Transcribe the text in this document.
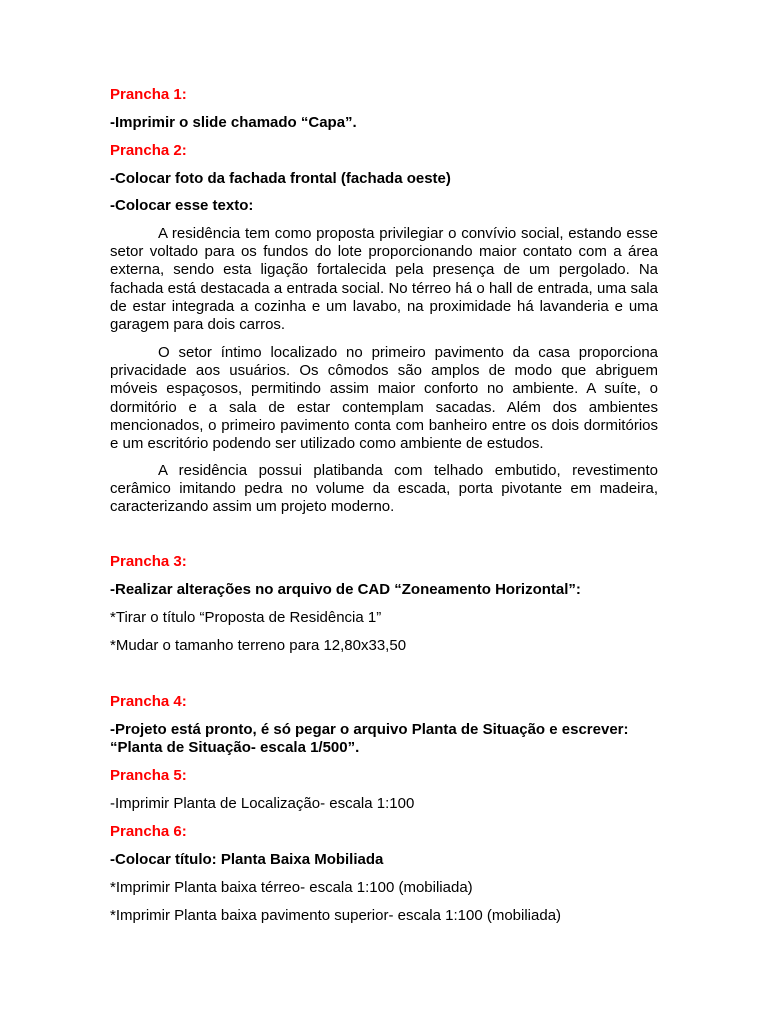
Prancha 1:
-Imprimir o slide chamado “Capa”.
Prancha 2:
-Colocar foto da fachada frontal (fachada oeste)
-Colocar esse texto:

A residência tem como proposta privilegiar o convívio social, estando esse setor voltado para os fundos do lote proporcionando maior contato com a área externa, sendo esta ligação fortalecida pela presença de um pergolado. Na fachada está destacada a entrada social. No térreo há o hall de entrada, uma sala de estar integrada a cozinha e um lavabo, na proximidade há lavanderia e uma garagem para dois carros.

O setor íntimo localizado no primeiro pavimento da casa proporciona privacidade aos usuários. Os cômodos são amplos de modo que abriguem móveis espaçosos, permitindo assim maior conforto no ambiente. A suíte, o dormitório e a sala de estar contemplam sacadas. Além dos ambientes mencionados, o primeiro pavimento conta com banheiro entre os dois dormitórios e um escritório podendo ser utilizado como ambiente de estudos.

A residência possui platibanda com telhado embutido, revestimento cerâmico imitando pedra no volume da escada, porta pivotante em madeira, caracterizando assim um projeto moderno.

Prancha 3:
-Realizar alterações no arquivo de CAD “Zoneamento Horizontal”:
*Tirar o título “Proposta de Residência 1”
*Mudar o tamanho terreno para 12,80x33,50
Prancha 4:
-Projeto está pronto, é só pegar o arquivo Planta de Situação e escrever:
“Planta de Situação- escala 1/500”.
Prancha 5:
-Imprimir Planta de Localização- escala 1:100
Prancha 6:
-Colocar título: Planta Baixa Mobiliada
*Imprimir Planta baixa térreo- escala 1:100 (mobiliada)
*Imprimir Planta baixa pavimento superior- escala 1:100 (mobiliada)
